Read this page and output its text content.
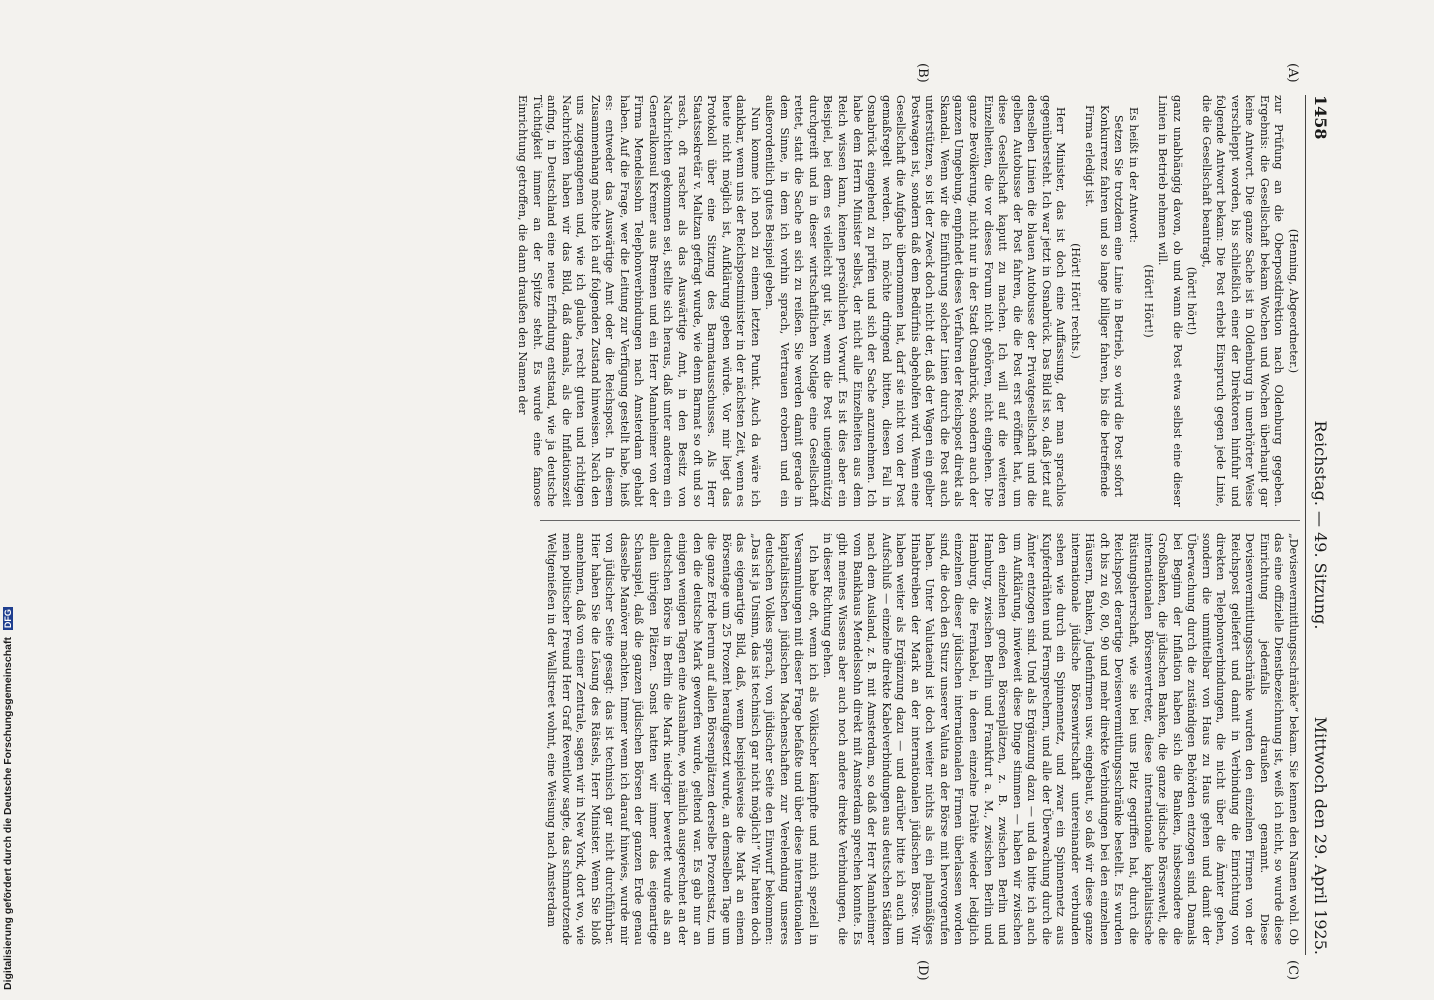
1458
Reichstag. — 49. Sitzung.
Mittwoch den 29. April 1925.
(A)
(B)
(C)
(D)

(Henning, Abgeordneter.)

zur Prüfung an die Oberpostdirektion nach Oldenburg gegeben. Ergebnis: die Gesellschaft bekam Wochen und Wochen überhaupt gar keine Antwort. Die ganze Sache ist in Oldenburg in unerhörter Weise verschleppt worden, bis schließlich einer der Direktoren hinfuhr und folgende Antwort bekam: Die Post erhebt Einspruch gegen jede Linie, die die Gesellschaft beantragt,

(hört! hört!)

ganz unabhängig davon, ob und wann die Post etwa selbst eine dieser Linien in Betrieb nehmen will.

(Hört! Hört!)

Es heißt in der Antwort:

Setzen Sie trotzdem eine Linie in Betrieb, so wird die Post sofort Konkurrenz fahren und so lange billiger fahren, bis die betreffende Firma erledigt ist.

(Hört! Hört! rechts.)

Herr Minister, das ist doch eine Auffassung, der man sprachlos gegenübersteht. Ich war jetzt in Osnabrück. Das Bild ist so, daß jetzt auf denselben Linien die blauen Autobusse der Privatgesellschaft und die gelben Autobusse der Post fahren, die die Post erst eröffnet hat, um diese Gesellschaft kaputt zu machen. Ich will auf die weiteren Einzelheiten, die vor dieses Forum nicht gehören, nicht eingehen. Die ganze Bevölkerung, nicht nur in der Stadt Osnabrück, sondern auch der ganzen Umgebung, empfindet dieses Verfahren der Reichspost direkt als Skandal. Wenn wir die Einführung solcher Linien durch die Post auch unterstützen, so ist der Zweck doch nicht der, daß der Wagen ein gelber Postwagen ist, sondern daß dem Bedürfnis abgeholfen wird. Wenn eine Gesellschaft die Aufgabe übernommen hat, darf sie nicht von der Post gemaßregelt werden. Ich möchte dringend bitten, diesen Fall in Osnabrück eingehend zu prüfen und sich der Sache anzunehmen. Ich habe dem Herrn Minister selbst, der nicht alle Einzelheiten aus dem Reich wissen kann, keinen persönlichen Vorwurf. Es ist dies aber ein Beispiel, bei dem es vielleicht gut ist, wenn die Post uneigennützig durchgreift und in dieser wirtschaftlichen Notlage eine Gesellschaft rettet, statt die Sache an sich zu reißen. Sie werden damit gerade in dem Sinne, in dem ich vorhin sprach, Vertrauen erobern und ein außerordentlich gutes Beispiel geben.

Nun komme ich noch zu einem letzten Punkt. Auch da wäre ich dankbar, wenn uns der Reichspostminister in der nächsten Zeit, wenn es heute nicht möglich ist, Aufklärung geben würde. Vor mir liegt das Protokoll über eine Sitzung des Barmatausschusses. Als Herr Staatssekretär v. Maltzan gefragt wurde, wie denn Barmat so oft und so rasch, oft rascher als das Auswärtige Amt, in den Besitz von Nachrichten gekommen sei, stellte sich heraus, daß unter anderem ein Generalkonsul Kremer aus Bremen und ein Herr Mannheimer von der Firma Mendelssohn Telephonverbindungen nach Amsterdam gehabt haben. Auf die Frage, wer die Leitung zur Verfügung gestellt habe, hieß es: entweder das Auswärtige Amt oder die Reichspost. In diesem Zusammenhang möchte ich auf folgenden Zustand hinweisen. Nach den uns zugegangenen und, wie ich glaube, recht guten und richtigen Nachrichten haben wir das Bild, daß damals, als die Inflationszeit anfing, in Deutschland eine neue Erfindung entstand, wie ja deutsche Tüchtigkeit immer an der Spitze steht. Es wurde eine famose Einrichtung getroffen, die dann draußen den Namen der

„Devisenvermittlungsschränke“ bekam. Sie kennen den Namen wohl. Ob das eine offizielle Dienstbezeichnung ist, weiß ich nicht, so wurde diese Einrichtung jedenfalls draußen genannt. Diese Devisenvermittlungsschränke wurden den einzelnen Firmen von der Reichspost geliefert und damit in Verbindung die Einrichtung von direkten Telephonverbindungen, die nicht über die Ämter gehen, sondern die unmittelbar von Haus zu Haus gehen und damit der Überwachung durch die zuständigen Behörden entzogen sind. Damals bei Beginn der Inflation haben sich die Banken, insbesondere die Großbanken, die jüdischen Banken, die ganze jüdische Börsenwelt, die internationalen Börsenvertreter, diese internationale kapitalistische Rüstungsherrschaft, wie sie bei uns Platz gegriffen hat, durch die Reichspost derartige Devisenvermittlungsschränke bestellt. Es wurden oft bis zu 60, 80, 90 und mehr direkte Verbindungen bei den einzelnen Häusern, Banken, Judenfirmen usw. eingebaut, so daß wir diese ganze internationale jüdische Börsenwirtschaft untereinander verbunden sehen wie durch ein Spinnennetz, und zwar ein Spinnennetz aus Kupferdrähten und Fernsprechern, und alle der Überwachung durch die Ämter entzogen sind. Und als Ergänzung dazu — und da bitte ich auch um Aufklärung, inwieweit diese Dinge stimmen — haben wir zwischen den einzelnen großen Börsenplätzen, z. B. zwischen Berlin und Hamburg, zwischen Berlin und Frankfurt a. M., zwischen Berlin und Hamburg, die Fernkabel, in denen einzelne Drähte wieder lediglich einzelnen dieser jüdischen internationalen Firmen überlassen worden sind, die doch den Sturz unserer Valuta an der Börse mit hervorgerufen haben. Unter Valutaeind ist doch weiter nichts als ein planmäßiges Hinabtreiben der Mark an der internationalen jüdischen Börse. Wir haben weiter als Ergänzung dazu — und darüber bitte ich auch um Aufschluß — einzelne direkte Kabelverbindungen aus deutschen Städten nach dem Ausland, z. B. mit Amsterdam, so daß der Herr Mannheimer vom Bankhaus Mendelssohn direkt mit Amsterdam sprechen konnte. Es gibt meines Wissens aber auch noch andere direkte Verbindungen, die in dieser Richtung gehen.

Ich habe oft, wenn ich als Völkischer kämpfte und mich speziell in Versammlungen mit dieser Frage befaßte und über diese internationalen kapitalistischen jüdischen Machenschaften zur Verelendung unseres deutschen Volkes sprach, von jüdischer Seite den Einwurf bekommen: „Das ist ja Unsinn, das ist technisch gar nicht möglich!“ Wir hatten doch das eigenartige Bild, daß, wenn beispielsweise die Mark an einem Börsentage um 25 Prozent heraufgesetzt wurde, an demselben Tage um die ganze Erde herum auf allen Börsenplätzen derselbe Prozentsatz, um den die deutsche Mark geworfen wurde, geltend war. Es gab nur an einigen wenigen Tagen eine Ausnahme, wo nämlich ausgerechnet an der deutschen Börse in Berlin die Mark niedriger bewertet wurde als an allen übrigen Plätzen. Sonst hatten wir immer das eigenartige Schauspiel, daß die ganzen jüdischen Börsen der ganzen Erde genau dasselbe Manöver machten. Immer wenn ich darauf hinwies, wurde mir von jüdischer Seite gesagt: das ist technisch gar nicht durchführbar. Hier haben Sie die Lösung des Rätsels, Herr Minister. Wenn Sie bloß annehmen, daß von einer Zentrale, sagen wir in New York, dort wo, wie mein politischer Freund Herr Graf Reventlow sagte, das schmarotzende Weltgenießen in der Wallstreet wohnt, eine Weisung nach Amsterdam

Digitalisierung gefördert durch die Deutsche Forschungsgemeinschaft DFG
